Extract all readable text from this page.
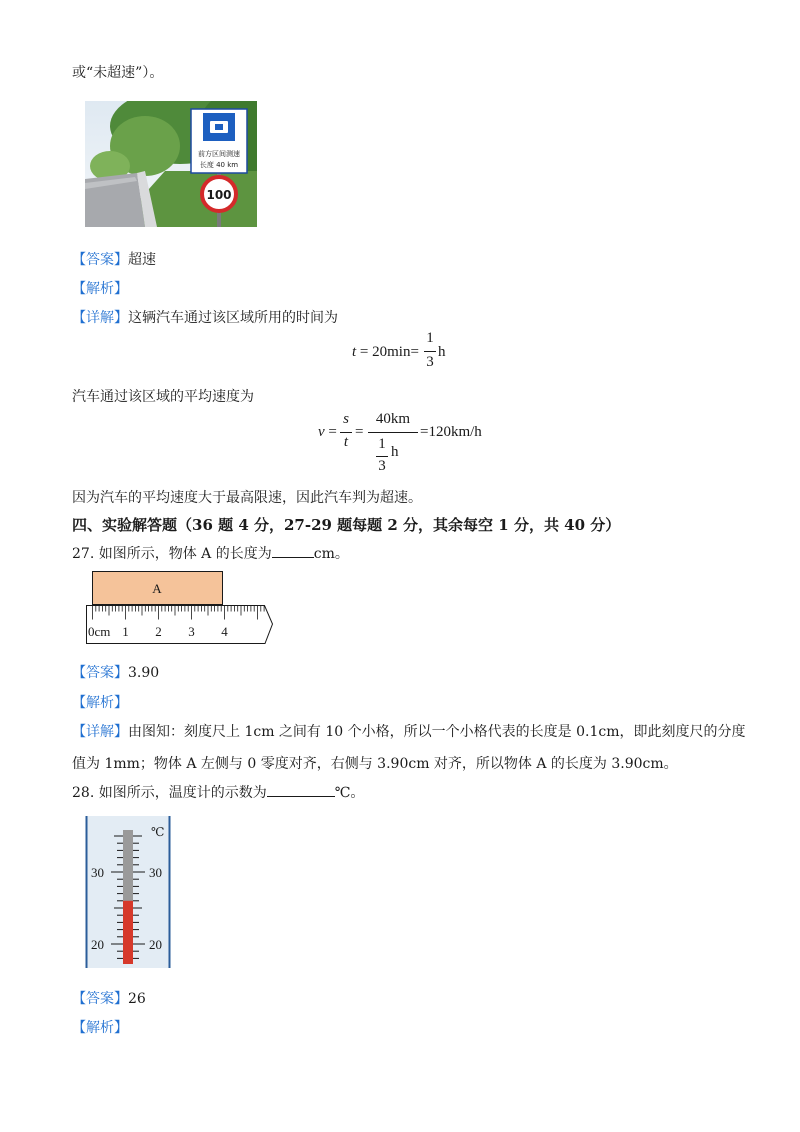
或“未超速”）。
前方区间测速
长度 40 km
100
【答案】超速
【解析】
【详解】这辆汽车通过该区域所用的时间为
t = 20min=
1
3
h
汽车通过该区域的平均速度为
v =
s
t
=
40km
1
3
h
=120km/h
因为汽车的平均速度大于最高限速，因此汽车判为超速。
四、实验解答题（36 题 4 分，27-29 题每题 2 分，其余每空 1 分，共 40 分）
27. 如图所示，物体 A 的长度为	cm。
A
0cm 1 2 3 4
【答案】3.90
【解析】
【详解】由图知：刻度尺上 1cm 之间有 10 个小格，所以一个小格代表的长度是 0.1cm，即此刻度尺的分度
值为 1mm；物体 A 左侧与 0 零度对齐，右侧与 3.90cm 对齐，所以物体 A 的长度为 3.90cm。
28. 如图所示，温度计的示数为	℃。
℃
30	30
20	20
【答案】26
【解析】
